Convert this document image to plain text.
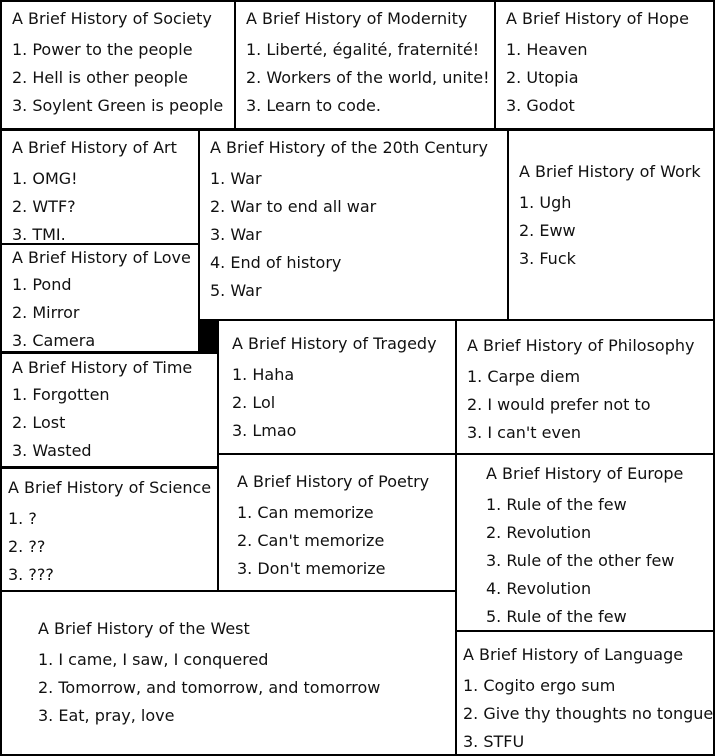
A Brief History of Society
1. Power to the people
2. Hell is other people
3. Soylent Green is people
A Brief History of Modernity
1. Liberté, égalité, fraternité!
2. Workers of the world, unite!
3. Learn to code.
A Brief History of Hope
1. Heaven
2. Utopia
3. Godot
A Brief History of Art
1. OMG!
2. WTF?
3. TMI.
A Brief History of the 20th Century
1. War
2. War to end all war
3. War
4. End of history
5. War
A Brief History of Work
1. Ugh
2. Eww
3. Fuck
A Brief History of Love
1. Pond
2. Mirror
3. Camera	A Brief History of Tragedy
1. Haha
2. Lol
3. Lmao
A Brief History of Philosophy
1. Carpe diem
2. I would prefer not to
3. I can't even
A Brief History of Time
1. Forgotten
2. Lost
3. Wasted
A Brief History of Science
1. ?
2. ??
3. ???
A Brief History of Poetry
1. Can memorize
2. Can't memorize
3. Don't memorize
A Brief History of Europe
1. Rule of the few
2. Revolution
3. Rule of the other few
4. Revolution
5. Rule of the few
A Brief History of the West
1. I came, I saw, I conquered
2. Tomorrow, and tomorrow, and tomorrow
3. Eat, pray, love
A Brief History of Language
1. Cogito ergo sum
2. Give thy thoughts no tongue
3. STFU
